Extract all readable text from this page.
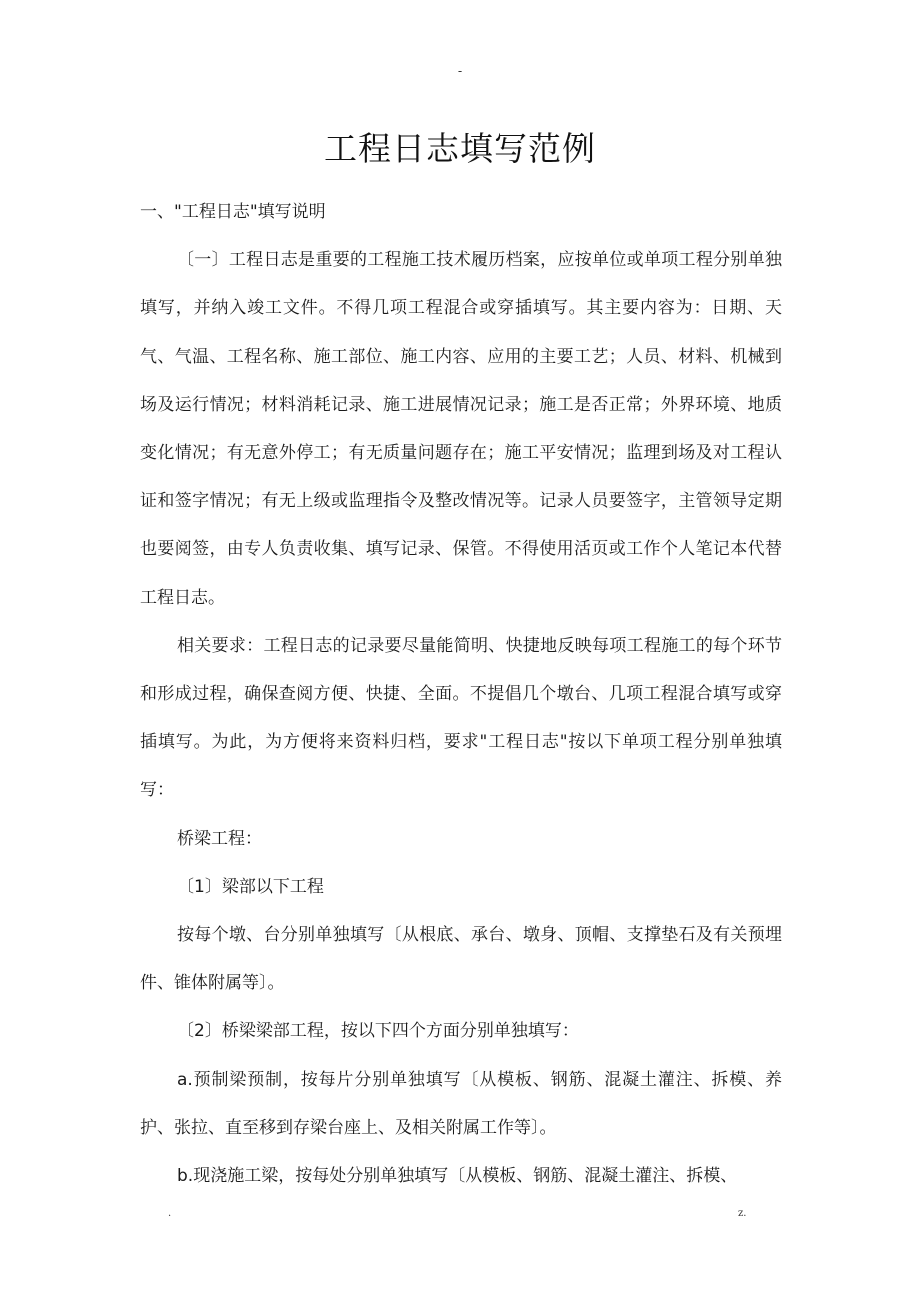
-
工程日志填写范例

一、"工程日志"填写说明

〔一〕工程日志是重要的工程施工技术履历档案，应按单位或单项工程分别单独填写，并纳入竣工文件。不得几项工程混合或穿插填写。其主要内容为：日期、天气、气温、工程名称、施工部位、施工内容、应用的主要工艺；人员、材料、机械到场及运行情况；材料消耗记录、施工进展情况记录；施工是否正常；外界环境、地质变化情况；有无意外停工；有无质量问题存在；施工平安情况；监理到场及对工程认证和签字情况；有无上级或监理指令及整改情况等。记录人员要签字，主管领导定期也要阅签，由专人负责收集、填写记录、保管。不得使用活页或工作个人笔记本代替工程日志。

相关要求：工程日志的记录要尽量能简明、快捷地反映每项工程施工的每个环节和形成过程，确保查阅方便、快捷、全面。不提倡几个墩台、几项工程混合填写或穿插填写。为此，为方便将来资料归档，要求"工程日志"按以下单项工程分别单独填写：

桥梁工程：

〔1〕梁部以下工程

按每个墩、台分别单独填写〔从根底、承台、墩身、顶帽、支撑垫石及有关预埋件、锥体附属等〕。

〔2〕桥梁梁部工程，按以下四个方面分别单独填写：

a.预制梁预制，按每片分别单独填写〔从模板、钢筋、混凝土灌注、拆模、养护、张拉、直至移到存梁台座上、及相关附属工作等〕。

b.现浇施工梁，按每处分别单独填写〔从模板、钢筋、混凝土灌注、拆模、

.	z.
